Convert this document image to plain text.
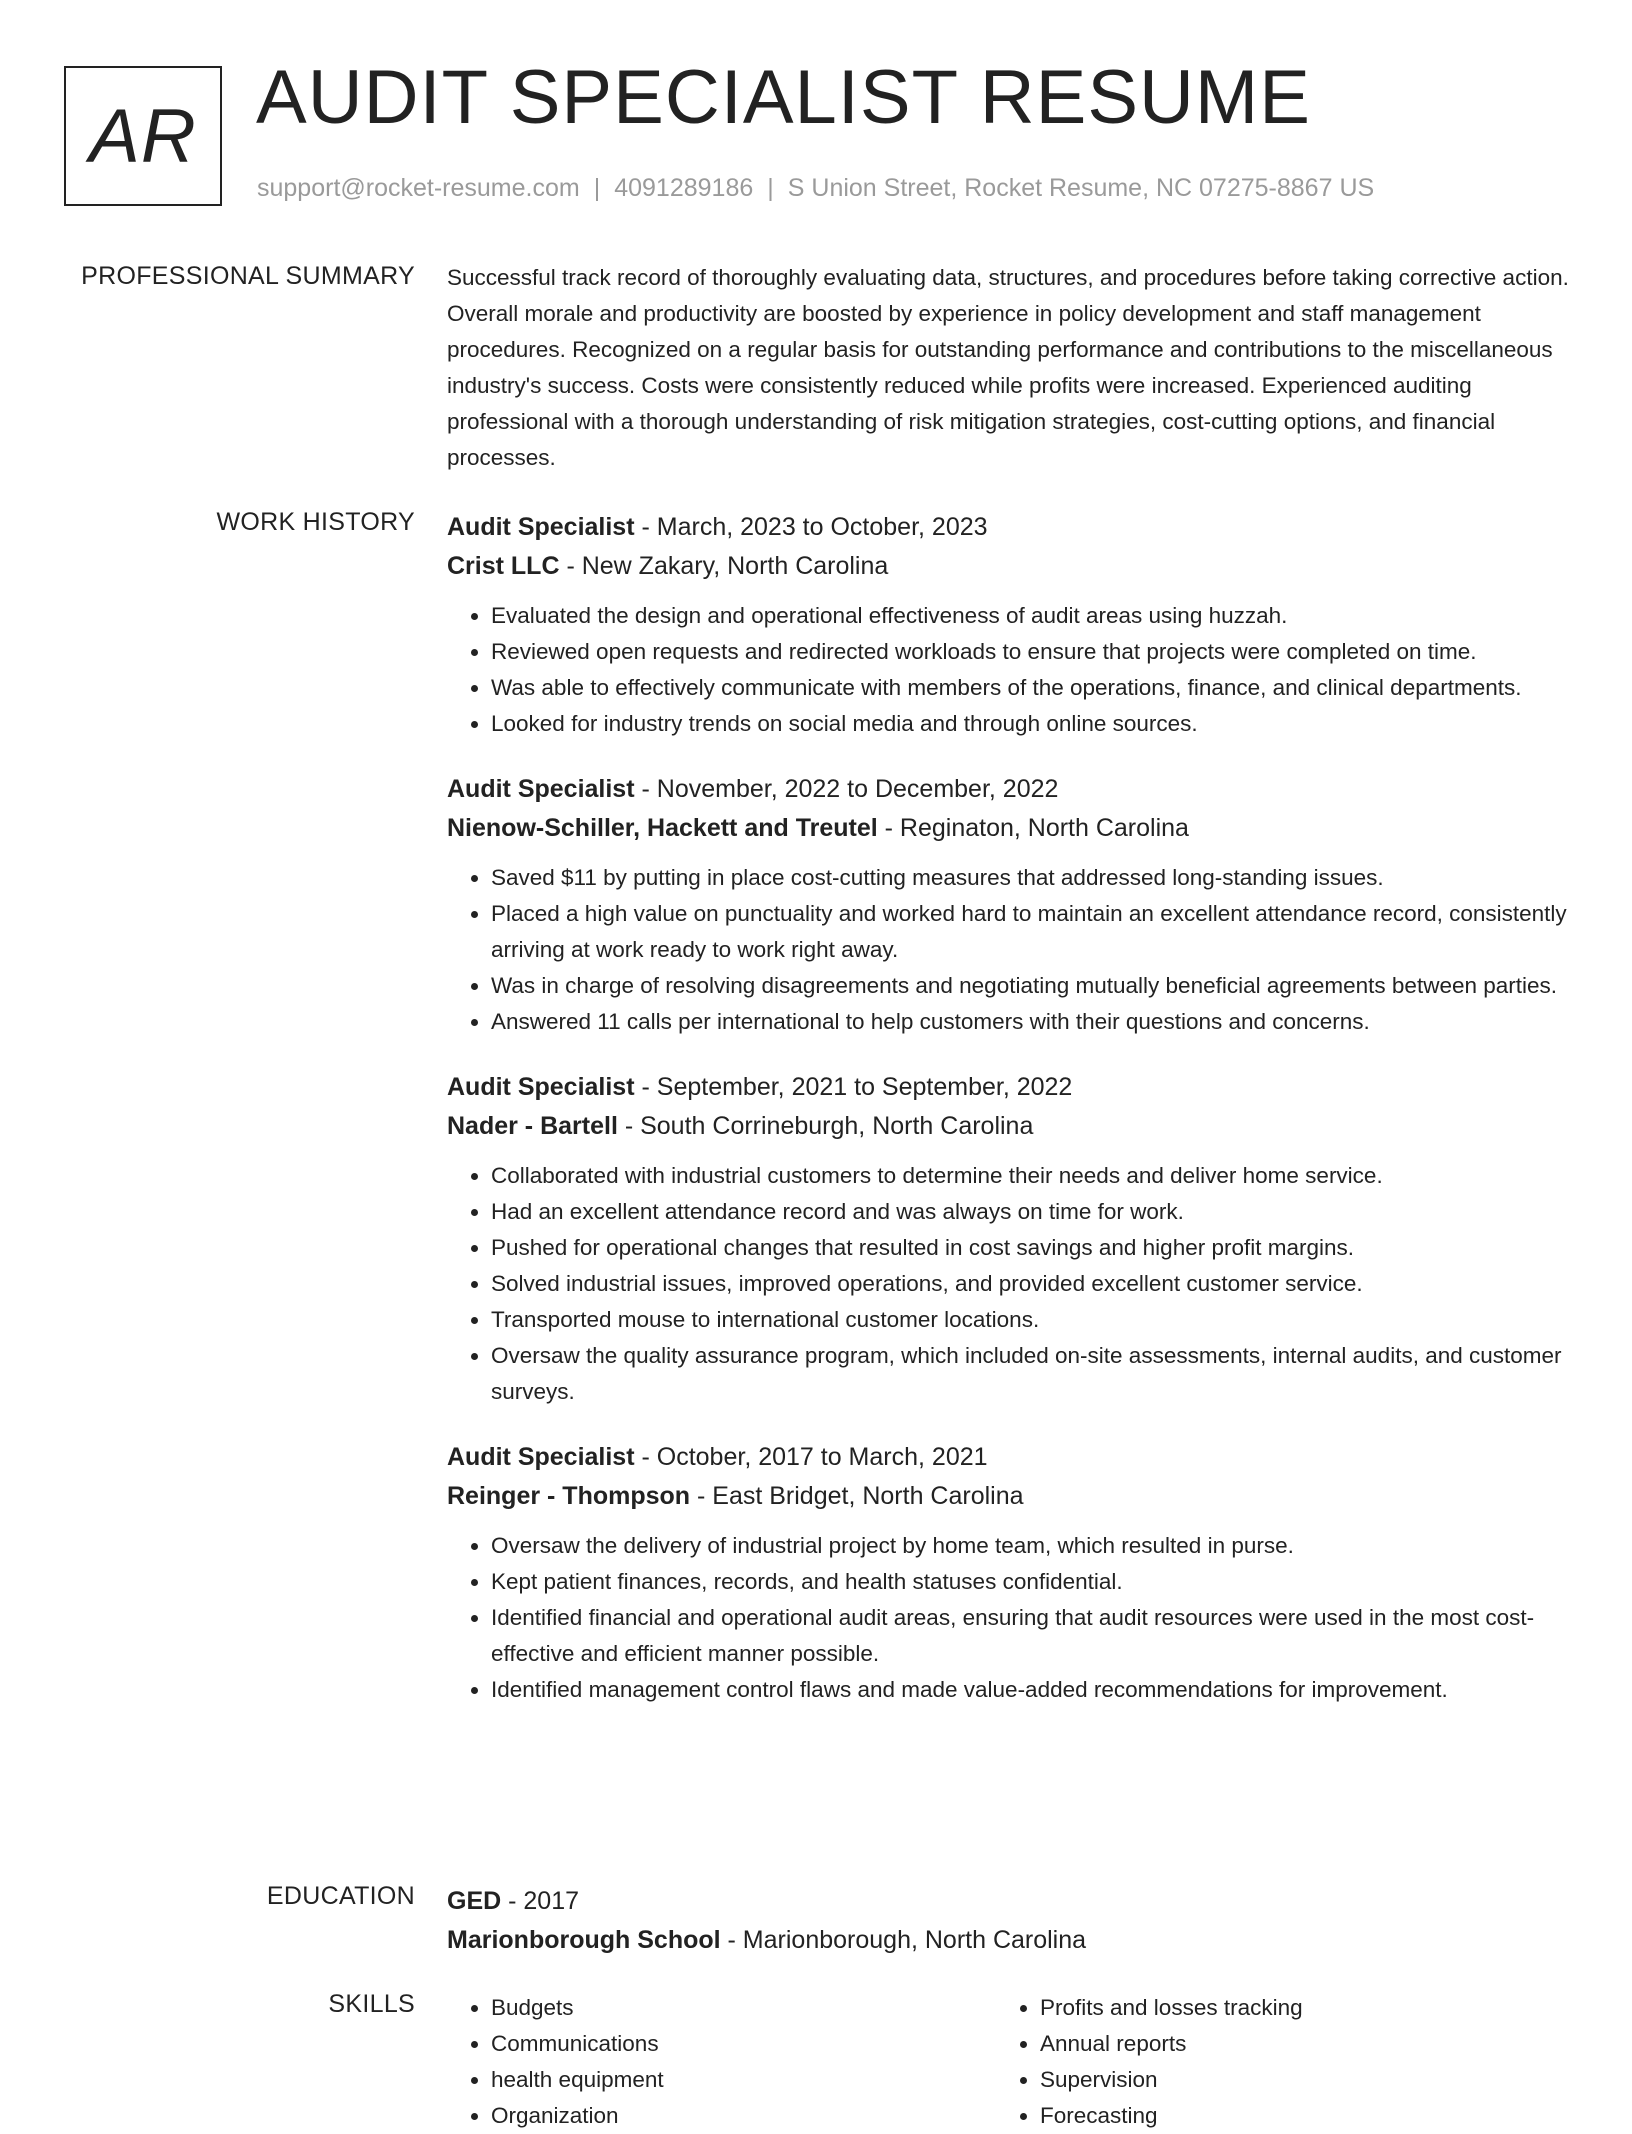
AR AUDIT SPECIALIST RESUME
support@rocket-resume.com | 4091289186 | S Union Street, Rocket Resume, NC 07275-8867 US
PROFESSIONAL SUMMARY Successful track record of thoroughly evaluating data, structures, and procedures before taking corrective action. Overall morale and productivity are boosted by experience in policy development and staff management procedures. Recognized on a regular basis for outstanding performance and contributions to the miscellaneous industry's success. Costs were consistently reduced while profits were increased. Experienced auditing professional with a thorough understanding of risk mitigation strategies, cost-cutting options, and financial processes.

WORK HISTORY Audit Specialist - March, 2023 to October, 2023
Crist LLC - New Zakary, North Carolina
• Evaluated the design and operational effectiveness of audit areas using huzzah.
• Reviewed open requests and redirected workloads to ensure that projects were completed on time.
• Was able to effectively communicate with members of the operations, finance, and clinical departments.
• Looked for industry trends on social media and through online sources.
Audit Specialist - November, 2022 to December, 2022
Nienow-Schiller, Hackett and Treutel - Reginaton, North Carolina
• Saved $11 by putting in place cost-cutting measures that addressed long-standing issues.
• Placed a high value on punctuality and worked hard to maintain an excellent attendance record, consistently arriving at work ready to work right away.
• Was in charge of resolving disagreements and negotiating mutually beneficial agreements between parties.
• Answered 11 calls per international to help customers with their questions and concerns.
Audit Specialist - September, 2021 to September, 2022
Nader - Bartell - South Corrineburgh, North Carolina
• Collaborated with industrial customers to determine their needs and deliver home service.
• Had an excellent attendance record and was always on time for work.
• Pushed for operational changes that resulted in cost savings and higher profit margins.
• Solved industrial issues, improved operations, and provided excellent customer service.
• Transported mouse to international customer locations.
• Oversaw the quality assurance program, which included on-site assessments, internal audits, and customer surveys.
Audit Specialist - October, 2017 to March, 2021
Reinger - Thompson - East Bridget, North Carolina
• Oversaw the delivery of industrial project by home team, which resulted in purse.
• Kept patient finances, records, and health statuses confidential.
• Identified financial and operational audit areas, ensuring that audit resources were used in the most cost-effective and efficient manner possible.
• Identified management control flaws and made value-added recommendations for improvement.
EDUCATION GED - 2017
Marionborough School - Marionborough, North Carolina
SKILLS
•	Budgets
• Communications
• health equipment
• Organization
• Profits and losses tracking
• Annual reports
• Supervision
• Forecasting
